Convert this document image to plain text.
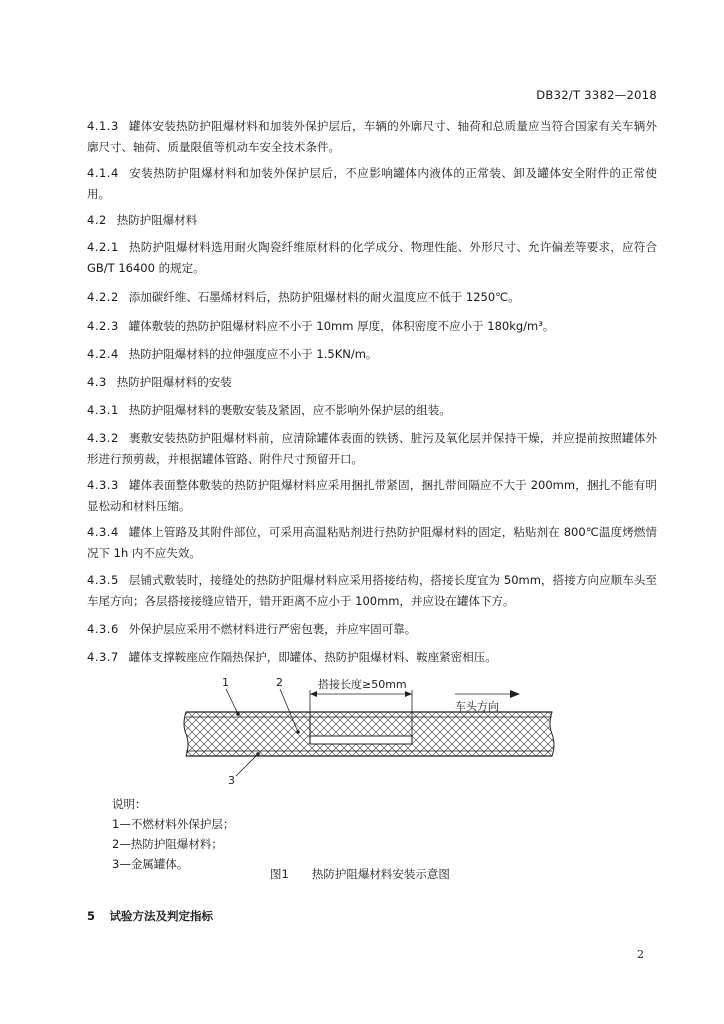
DB32/T 3382—2018
4.1.3 罐体安装热防护阻爆材料和加装外保护层后，车辆的外廓尺寸、轴荷和总质量应当符合国家有关车辆外廓尺寸、轴荷、质量限值等机动车安全技术条件。
4.1.4 安装热防护阻爆材料和加装外保护层后，不应影响罐体内液体的正常装、卸及罐体安全附件的正常使用。
4.2 热防护阻爆材料
4.2.1 热防护阻爆材料选用耐火陶瓷纤维原材料的化学成分、物理性能、外形尺寸、允许偏差等要求，应符合 GB/T 16400 的规定。
4.2.2 添加碳纤维、石墨烯材料后，热防护阻爆材料的耐火温度应不低于 1250℃。
4.2.3 罐体敷装的热防护阻爆材料应不小于 10mm 厚度，体积密度不应小于 180kg/m³。
4.2.4 热防护阻爆材料的拉伸强度应不小于 1.5KN/m。
4.3 热防护阻爆材料的安装
4.3.1 热防护阻爆材料的裹敷安装及紧固，应不影响外保护层的组装。
4.3.2 裹敷安装热防护阻爆材料前，应清除罐体表面的铁锈、脏污及氧化层并保持干燥，并应提前按照罐体外形进行预剪裁，并根据罐体管路、附件尺寸预留开口。
4.3.3 罐体表面整体敷装的热防护阻爆材料应采用捆扎带紧固，捆扎带间隔应不大于 200mm，捆扎不能有明显松动和材料压缩。
4.3.4 罐体上管路及其附件部位，可采用高温粘贴剂进行热防护阻爆材料的固定，粘贴剂在 800℃温度烤燃情况下 1h 内不应失效。
4.3.5 层铺式敷装时，接缝处的热防护阻爆材料应采用搭接结构，搭接长度宜为 50mm，搭接方向应顺车头至车尾方向；各层搭接接缝应错开，错开距离不应小于 100mm，并应设在罐体下方。
4.3.6 外保护层应采用不燃材料进行严密包裹，并应牢固可靠。
4.3.7 罐体支撑鞍座应作隔热保护，即罐体、热防护阻爆材料、鞍座紧密相压。
搭接长度≥50mm
车头方向
1	2
3
说明：
1—不燃材料外保护层；
2—热防护阻爆材料；
3—金属罐体。
图1　　热防护阻爆材料安装示意图
5 试验方法及判定指标
2
